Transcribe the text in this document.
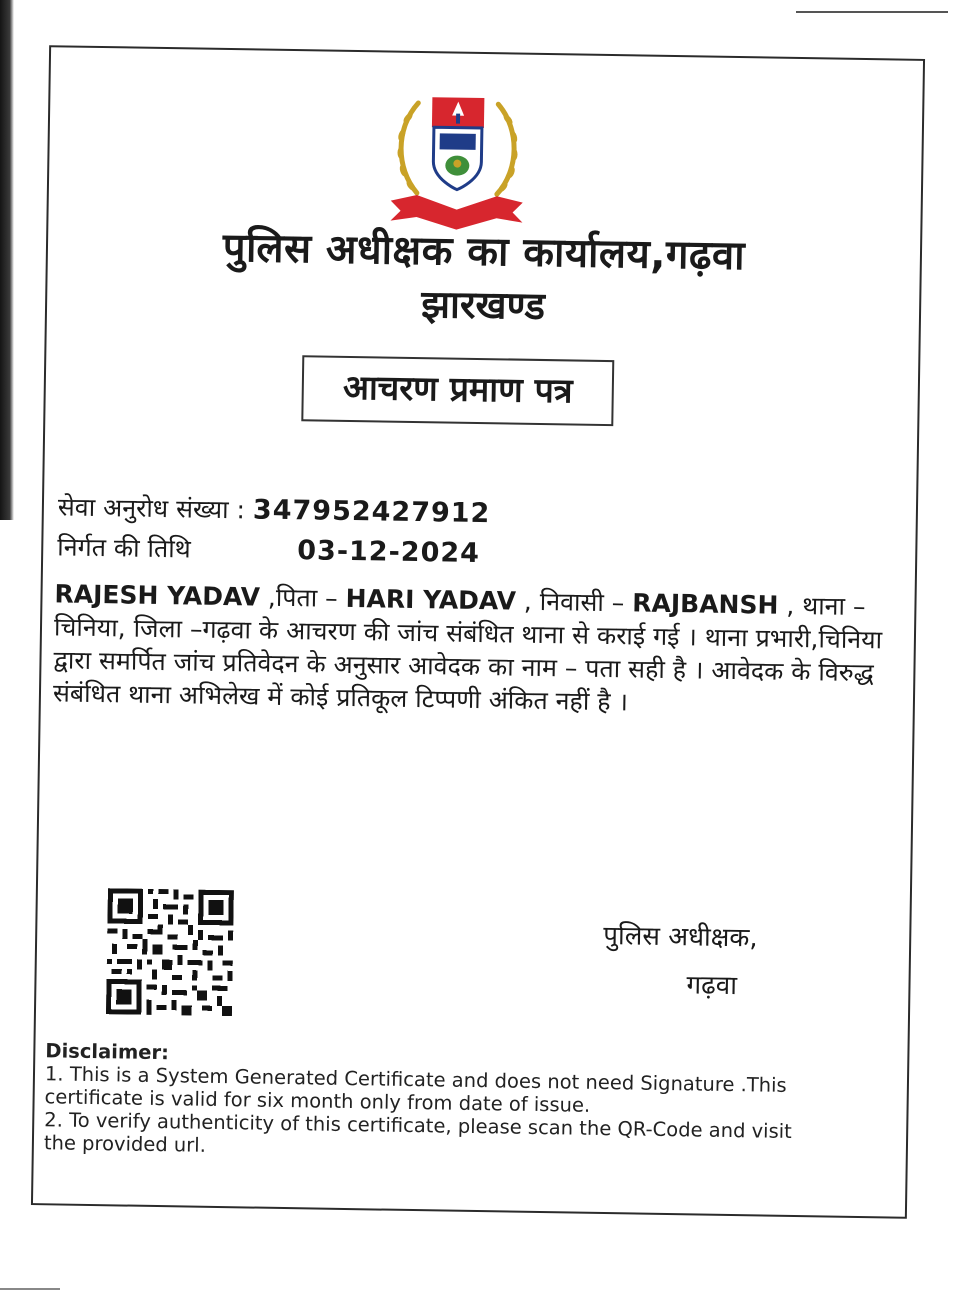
पुलिस अधीक्षक का कार्यालय,गढ़वा
झारखण्ड
आचरण प्रमाण पत्र
सेवा अनुरोध संख्या : 347952427912
निर्गत की तिथि	03-12-2024
RAJESH YADAV ,पिता – HARI YADAV , निवासी – RAJBANSH , थाना –चिनिया, जिला –गढ़वा के आचरण की जांच संबंधित थाना से कराई गई । थाना प्रभारी,चिनिया द्वारा समर्पित जांच प्रतिवेदन के अनुसार आवेदक का नाम – पता सही है । आवेदक के विरुद्ध संबंधित थाना अभिलेख में कोई प्रतिकूल टिप्पणी अंकित नहीं है ।
पुलिस अधीक्षक,
गढ़वा

Disclaimer:

1. This is a System Generated Certificate and does not need Signature .This certificate is valid for six month only from date of issue.

2. To verify authenticity of this certificate, please scan the QR-Code and visit the provided url.
